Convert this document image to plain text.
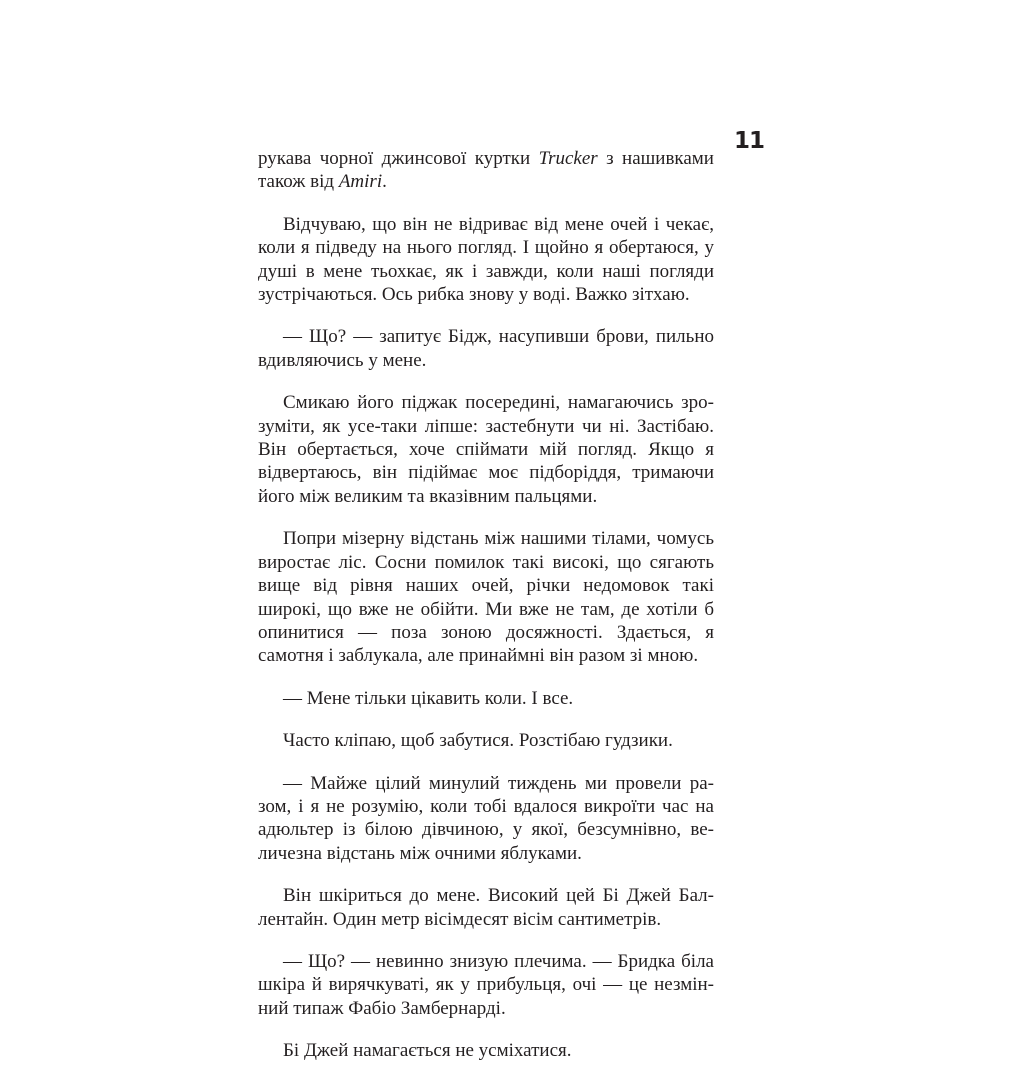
11

рукава чорної джинсової куртки Trucker з нашивками також від Amiri.

Відчуваю, що він не відриває від мене очей і чекає, коли я підведу на нього погляд. І щойно я обертаюся, у душі в мене тьохкає, як і завжди, коли наші погляди зустрічаються. Ось рибка знову у воді. Важко зітхаю.

— Що? — запитує Бідж, насупивши брови, пильно вдивляючись у мене.

Смикаю його піджак посередині, намагаючись зрозуміти, як усе-таки ліпше: застебнути чи ні. Застібаю. Він обертається, хоче спіймати мій погляд. Якщо я відвертаюсь, він підіймає моє підборіддя, тримаючи його між великим та вказівним пальцями.

Попри мізерну відстань між нашими тілами, чомусь виростає ліс. Сосни помилок такі високі, що сягають вище від рівня наших очей, річки недомовок такі широкі, що вже не обійти. Ми вже не там, де хотіли б опинитися — поза зоною досяжності. Здається, я самотня і заблукала, але принаймні він разом зі мною.

— Мене тільки цікавить коли. І все.

Часто кліпаю, щоб забутися. Розстібаю гудзики.

— Майже цілий минулий тиждень ми провели разом, і я не розумію, коли тобі вдалося викроїти час на адюльтер із білою дівчиною, у якої, безсумнівно, величезна відстань між очними яблуками.

Він шкіриться до мене. Високий цей Бі Джей Баллентайн. Один метр вісімдесят вісім сантиметрів.

— Що? — невинно знизую плечима. — Бридка біла шкіра й вирячкуваті, як у прибульця, очі — це незмінний типаж Фабіо Замбернарді.

Бі Джей намагається не усміхатися.
